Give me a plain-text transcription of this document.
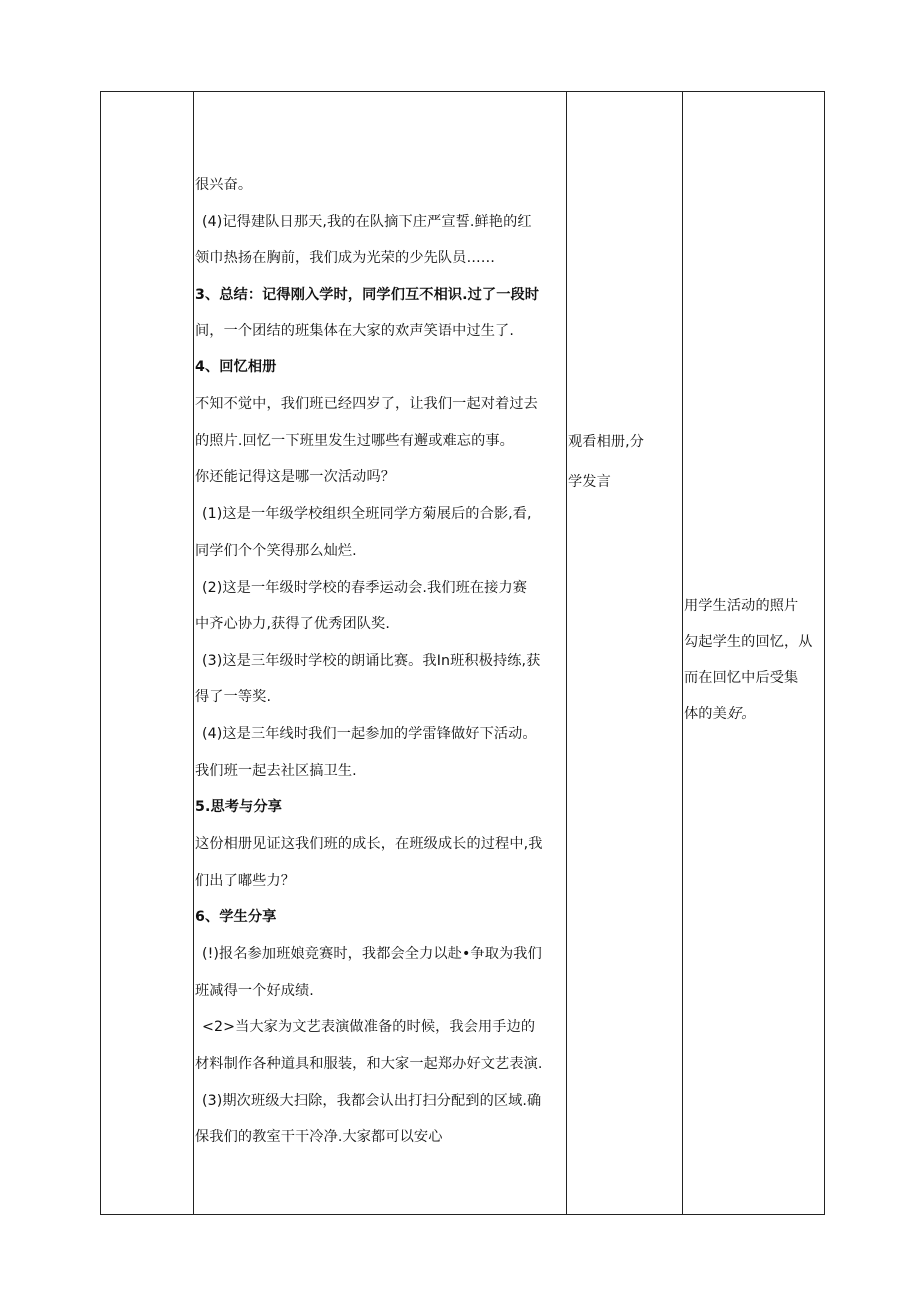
很兴奋。
(4)记得建队日那天,我的在队摘下庄严宣誓.鲜艳的红
领巾热扬在胸前，我们成为光荣的少先队员……
3、总结：记得刚入学时，同学们互不相识.过了一段时
间，一个团结的班集体在大家的欢声笑语中过生了.
4、回忆相册
不知不觉中，我们班已经四岁了，让我们一起对着过去
的照片.回忆一下班里发生过哪些有邂或难忘的事。
你还能记得这是哪一次活动吗？
(1)这是一年级学校组织全班同学方菊展后的合影,看,
同学们个个笑得那么灿烂.
(2)这是一年级时学校的春季运动会.我们班在接力赛
中齐心协力,获得了优秀团队奖.
(3)这是三年级时学校的朗诵比赛。我In班积极持练,获
得了一等奖.
(4)这是三年线时我们一起参加的学雷锋做好下活动。
我们班一起去社区搞卫生.
5.思考与分享
这份相册见证这我们班的成长，在班级成长的过程中,我
们出了嘟些力？
6、学生分享
(!)报名参加班娘竞赛时，我都会全力以赴•争取为我们
班减得一个好成绩.
<2>当大家为文艺表演做准备的时候，我会用手边的
材料制作各种道具和服装，和大家一起郑办好文艺表演.
(3)期次班级大扫除，我都会认出打扫分配到的区域.确
保我们的教室干干冷净.大家都可以安心

观看相册,分
学发言

用学生活动的照片
勾起学生的回忆，从
而在回忆中后受集
体的美好。
